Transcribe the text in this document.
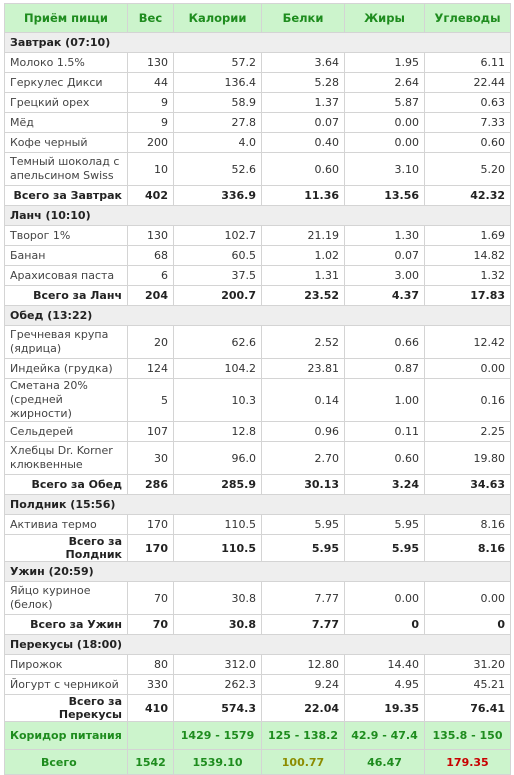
Приём пищи	Вес	Калории	Белки	Жиры	Углеводы
Завтрак (07:10)					
Молоко 1.5%	130	57.2	3.64	1.95	6.11
Геркулес Дикси	44	136.4	5.28	2.64	22.44
Грецкий орех	9	58.9	1.37	5.87	0.63
Мёд	9	27.8	0.07	0.00	7.33
Кофе черный	200	4.0	0.40	0.00	0.60
Темный шоколад с апельсином Swiss	10	52.6	0.60	3.10	5.20
Всего за Завтрак	402	336.9	11.36	13.56	42.32
Ланч (10:10)					
Творог 1%	130	102.7	21.19	1.30	1.69
Банан	68	60.5	1.02	0.07	14.82
Арахисовая паста	6	37.5	1.31	3.00	1.32
Всего за Ланч	204	200.7	23.52	4.37	17.83
Обед (13:22)					
Гречневая крупа (ядрица)	20	62.6	2.52	0.66	12.42
Индейка (грудка)	124	104.2	23.81	0.87	0.00
Сметана 20% (средней жирности)	5	10.3	0.14	1.00	0.16
Сельдерей	107	12.8	0.96	0.11	2.25
Хлебцы Dr. Korner клюквенные	30	96.0	2.70	0.60	19.80
Всего за Обед	286	285.9	30.13	3.24	34.63
Полдник (15:56)					
Активиа термо	170	110.5	5.95	5.95	8.16
Всего за Полдник	170	110.5	5.95	5.95	8.16
Ужин (20:59)					
Яйцо куриное (белок)	70	30.8	7.77	0.00	0.00
Всего за Ужин	70	30.8	7.77	0	0
Перекусы (18:00)					
Пирожок	80	312.0	12.80	14.40	31.20
Йогурт с черникой	330	262.3	9.24	4.95	45.21
Всего за Перекусы	410	574.3	22.04	19.35	76.41
Коридор питания		1429 - 1579	125 - 138.2	42.9 - 47.4	135.8 - 150
Всего	1542	1539.10	100.77	46.47	179.35
